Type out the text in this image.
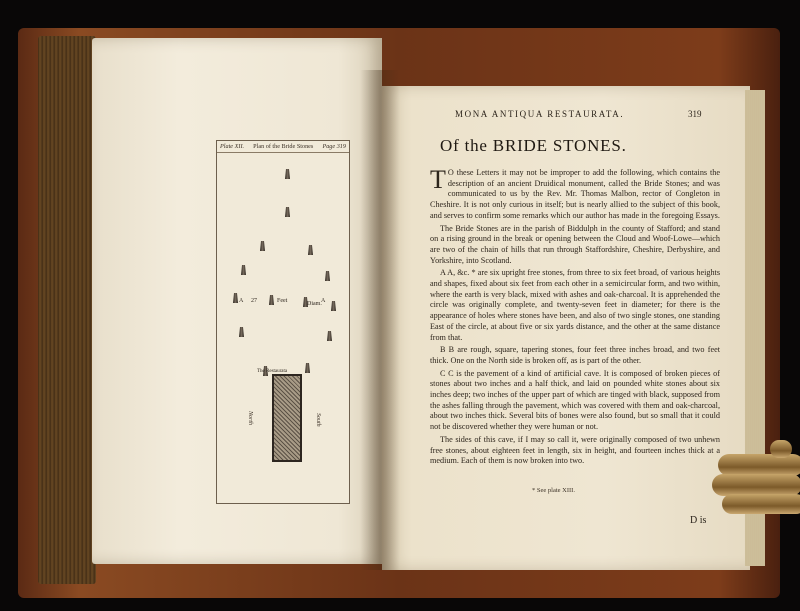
Plate XII. Plan of the Bride Stones Page 319
A 27	Feet	Diam. A
The Restaurata
North	South
MONA ANTIQUA RESTAURATA.	319
Of the BRIDE STONES.

T O these Letters it may not be improper to add the following, which contains the description of an ancient Druidical monument, called the Bride Stones; and was communicated to us by the Rev. Mr. Thomas Malbon, rector of Congleton in Cheshire. It is not only curious in itself; but is nearly allied to the subject of this book, and serves to confirm some remarks which our author has made in the foregoing Essays.

The Bride Stones are in the parish of Biddulph in the county of Stafford; and stand on a rising ground in the break or opening between the Cloud and Woof-Lowe—which are two of the chain of hills that run through Staffordshire, Cheshire, Derbyshire, and Yorkshire, into Scotland.

A A, &c. * are six upright free stones, from three to six feet broad, of various heights and shapes, fixed about six feet from each other in a semicircular form, and two within, where the earth is very black, mixed with ashes and oak-charcoal. It is apprehended the circle was originally complete, and twenty-seven feet in diameter; for there is the appearance of holes where stones have been, and also of two single stones, one standing East of the circle, at about five or six yards distance, and the other at the same distance from that.

B B are rough, square, tapering stones, four feet three inches broad, and two feet thick. One on the North side is broken off, as is part of the other.

C C is the pavement of a kind of artificial cave. It is composed of broken pieces of stones about two inches and a half thick, and laid on pounded white stones about six inches deep; two inches of the upper part of which are tinged with black, supposed from the ashes falling through the pavement, which was covered with them and oak-charcoal, about two inches thick. Several bits of bones were also found, but so small that it could not be discovered whether they were human or not.

The sides of this cave, if I may so call it, were originally composed of two unhewn free stones, about eighteen feet in length, six in height, and fourteen inches thick at a medium. Each of them is now broken into two.

* See plate XIII.
D is
